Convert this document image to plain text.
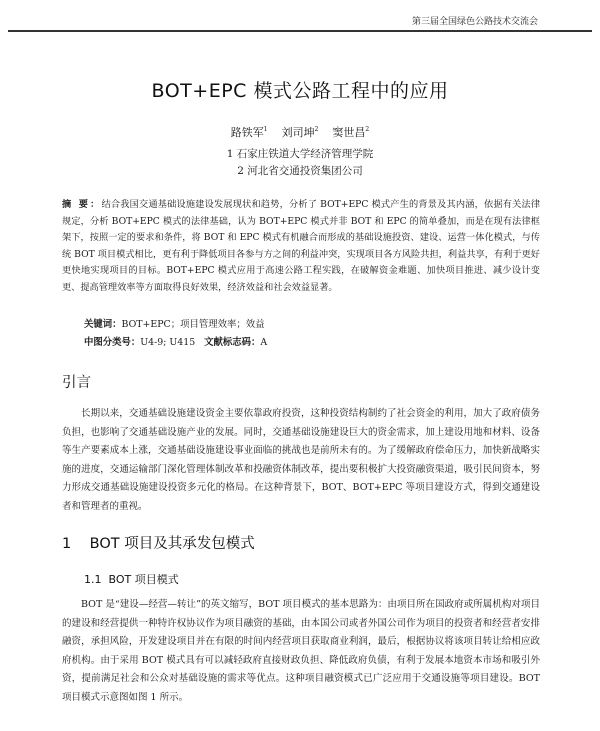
第三届全国绿色公路技术交流会
BOT+EPC 模式公路工程中的应用
路铁军$^1$ 刘司坤$^2$ 窦世昌$^2$
1 石家庄铁道大学经济管理学院
2 河北省交通投资集团公司

摘 要：结合我国交通基础设施建设发展现状和趋势，分析了 BOT+EPC 模式产生的背景及其内涵，依据有关法律规定，分析 BOT+EPC 模式的法律基础，认为 BOT+EPC 模式并非 BOT 和 EPC 的简单叠加，而是在现有法律框架下，按照一定的要求和条件，将 BOT 和 EPC 模式有机融合而形成的基础设施投资、建设、运营一体化模式，与传统 BOT 项目模式相比，更有利于降低项目各参与方之间的利益冲突，实现项目各方风险共担，利益共享，有利于更好更快地实现项目的目标。BOT+EPC 模式应用于高速公路工程实践，在破解资金难题、加快项目推进、减少设计变更、提高管理效率等方面取得良好效果，经济效益和社会效益显著。

关键词：BOT+EPC；项目管理效率；效益
中图分类号：U4-9; U415 文献标志码：A
引言

长期以来，交通基础设施建设资金主要依靠政府投资，这种投资结构制约了社会资金的利用，加大了政府债务负担，也影响了交通基础设施产业的发展。同时，交通基础设施建设巨大的资金需求，加上建设用地和材料、设备等生产要素成本上涨，交通基础设施建设事业面临的挑战也是前所未有的。为了缓解政府偿命压力，加快新战略实施的进度，交通运输部门深化管理体制改革和投融资体制改革，提出要积极扩大投资融资渠道，吸引民间资本，努力形成交通基础设施建设投资多元化的格局。在这种背景下，BOT、BOT+EPC 等项目建设方式，得到交通建设者和管理者的重视。

1 BOT 项目及其承发包模式
1.1 BOT 项目模式

BOT 是“建设—经营—转让”的英文缩写，BOT 项目模式的基本思路为：由项目所在国政府或所属机构对项目的建设和经营提供一种特许权协议作为项目融资的基础，由本国公司或者外国公司作为项目的投资者和经营者安排融资，承担风险，开发建设项目并在有限的时间内经营项目获取商业利润，最后，根据协议将该项目转让给相应政府机构。由于采用 BOT 模式具有可以减轻政府直接财政负担、降低政府负债，有利于发展本地资本市场和吸引外资，提前满足社会和公众对基础设施的需求等优点。这种项目融资模式已广泛应用于交通设施等项目建设。BOT 项目模式示意图如图 1 所示。
